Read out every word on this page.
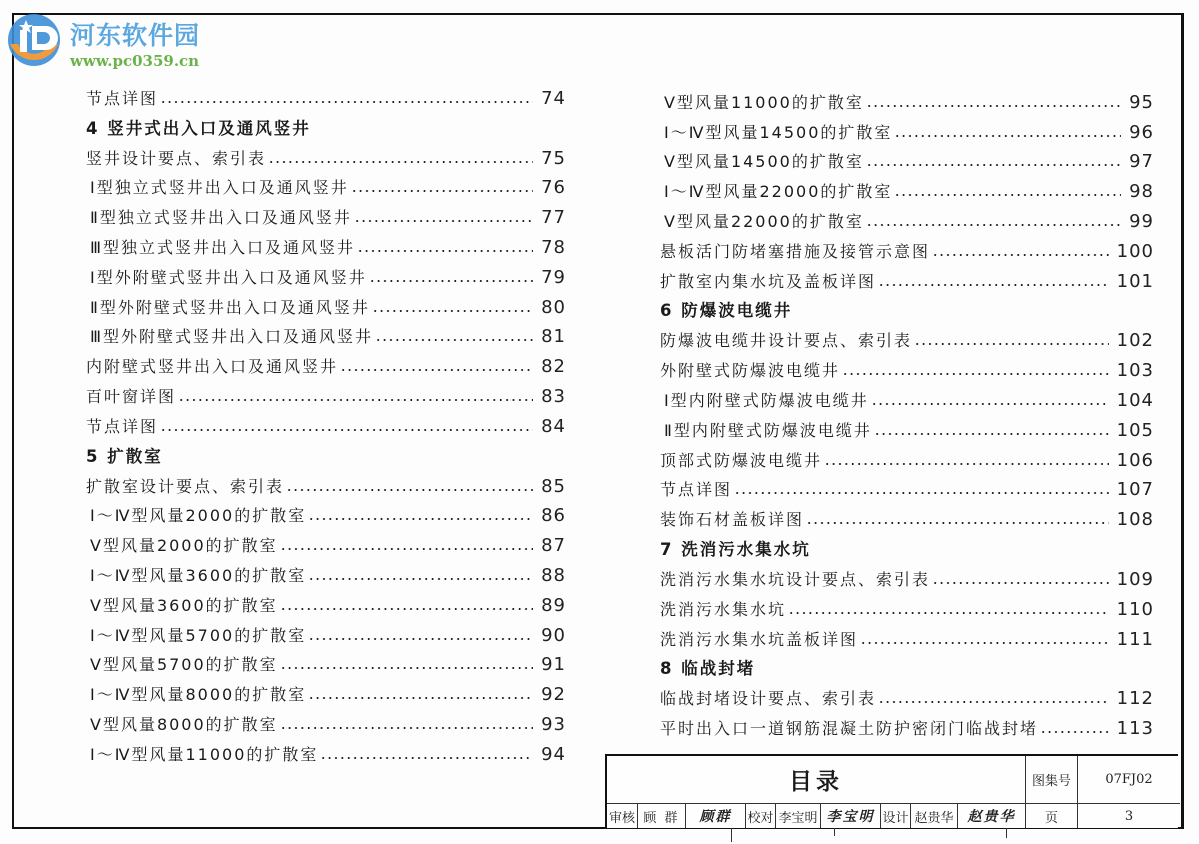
河东软件园
www.pc0359.cn
节点详图	74
4 竖井式出入口及通风竖井
竖井设计要点、索引表	75
Ⅰ型独立式竖井出入口及通风竖井	76
Ⅱ型独立式竖井出入口及通风竖井	77
Ⅲ型独立式竖井出入口及通风竖井	78
Ⅰ型外附壁式竖井出入口及通风竖井	79
Ⅱ型外附壁式竖井出入口及通风竖井	80
Ⅲ型外附壁式竖井出入口及通风竖井	81
内附壁式竖井出入口及通风竖井	82
百叶窗详图	83
节点详图	84
5 扩散室
扩散室设计要点、索引表	85
Ⅰ～Ⅳ型风量2000的扩散室	86
Ⅴ型风量2000的扩散室	87
Ⅰ～Ⅳ型风量3600的扩散室	88
Ⅴ型风量3600的扩散室	89
Ⅰ～Ⅳ型风量5700的扩散室	90
Ⅴ型风量5700的扩散室	91
Ⅰ～Ⅳ型风量8000的扩散室	92
Ⅴ型风量8000的扩散室	93
Ⅰ～Ⅳ型风量11000的扩散室	94
Ⅴ型风量11000的扩散室	95
Ⅰ～Ⅳ型风量14500的扩散室	96
Ⅴ型风量14500的扩散室	97
Ⅰ～Ⅳ型风量22000的扩散室	98
Ⅴ型风量22000的扩散室	99
悬板活门防堵塞措施及接管示意图	100
扩散室内集水坑及盖板详图	101
6 防爆波电缆井
防爆波电缆井设计要点、索引表	102
外附壁式防爆波电缆井	103
Ⅰ型内附壁式防爆波电缆井	104
Ⅱ型内附壁式防爆波电缆井	105
顶部式防爆波电缆井	106
节点详图	107
装饰石材盖板详图	108
7 洗消污水集水坑
洗消污水集水坑设计要点、索引表	109
洗消污水集水坑	110
洗消污水集水坑盖板详图	111
8 临战封堵
临战封堵设计要点、索引表	112
平时出入口一道钢筋混凝土防护密闭门临战封堵	113
目录	图集号	07FJ02
审核 顾 群	顾群	校对 李宝明 李宝明 设计 赵贵华	赵贵华	页	3
